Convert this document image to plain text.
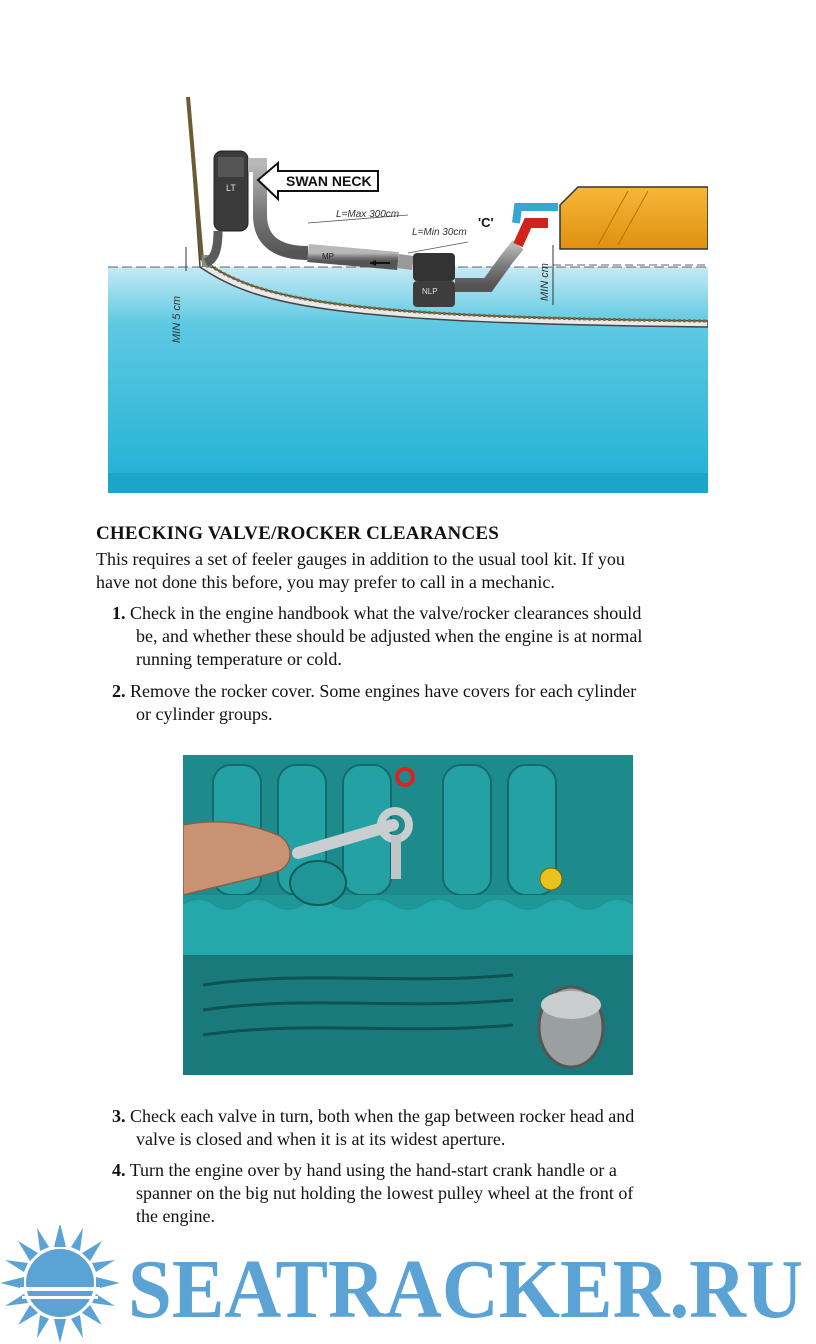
MIN 5 cm
LT	SWAN NECK
MP
L=Max 300cm
NLP
L=Min 30cm
'C'
MIN cm
CHECKING VALVE/ROCKER CLEARANCES
This requires a set of feeler gauges in addition to the usual tool kit. If you
have not done this before, you may prefer to call in a mechanic.
1. Check in the engine handbook what the valve/rocker clearances should
be, and whether these should be adjusted when the engine is at normal
running temperature or cold.
2. Remove the rocker cover. Some engines have covers for each cylinder
or cylinder groups.
3. Check each valve in turn, both when the gap between rocker head and
valve is closed and when it is at its widest aperture.
4. Turn the engine over by hand using the hand-start crank handle or a
spanner on the big nut holding the lowest pulley wheel at the front of
the engine.
SEATRACKER.RU
